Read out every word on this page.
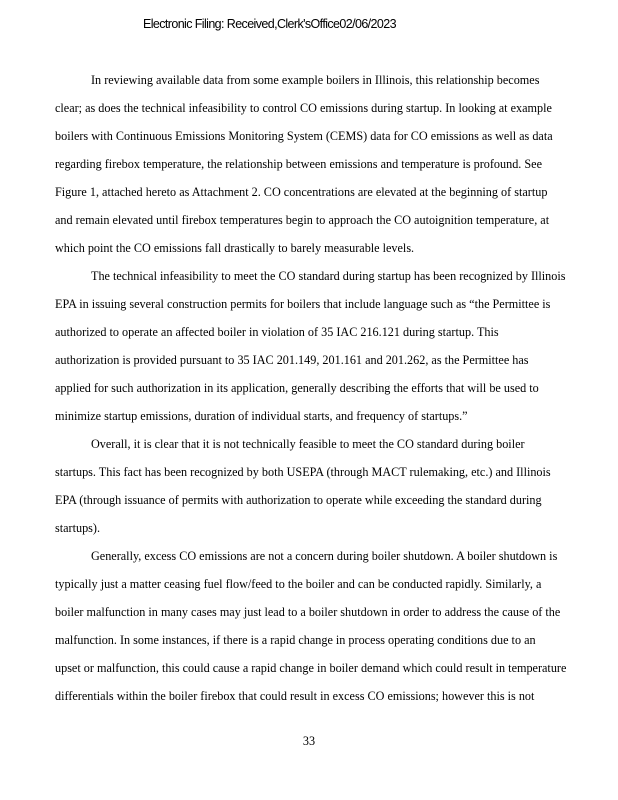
Electronic Filing: Received,Clerk'sOffice02/06/2023
In reviewing available data from some example boilers in Illinois, this relationship becomes
clear; as does the technical infeasibility to control CO emissions during startup. In looking at example
boilers with Continuous Emissions Monitoring System (CEMS) data for CO emissions as well as data
regarding firebox temperature, the relationship between emissions and temperature is profound. See
Figure 1, attached hereto as Attachment 2. CO concentrations are elevated at the beginning of startup
and remain elevated until firebox temperatures begin to approach the CO autoignition temperature, at
which point the CO emissions fall drastically to barely measurable levels.
The technical infeasibility to meet the CO standard during startup has been recognized by Illinois
EPA in issuing several construction permits for boilers that include language such as “the Permittee is
authorized to operate an affected boiler in violation of 35 IAC 216.121 during startup. This
authorization is provided pursuant to 35 IAC 201.149, 201.161 and 201.262, as the Permittee has
applied for such authorization in its application, generally describing the efforts that will be used to
minimize startup emissions, duration of individual starts, and frequency of startups.”
Overall, it is clear that it is not technically feasible to meet the CO standard during boiler
startups. This fact has been recognized by both USEPA (through MACT rulemaking, etc.) and Illinois
EPA (through issuance of permits with authorization to operate while exceeding the standard during
startups).
Generally, excess CO emissions are not a concern during boiler shutdown. A boiler shutdown is
typically just a matter ceasing fuel flow/feed to the boiler and can be conducted rapidly. Similarly, a
boiler malfunction in many cases may just lead to a boiler shutdown in order to address the cause of the
malfunction. In some instances, if there is a rapid change in process operating conditions due to an
upset or malfunction, this could cause a rapid change in boiler demand which could result in temperature
differentials within the boiler firebox that could result in excess CO emissions; however this is not
33
